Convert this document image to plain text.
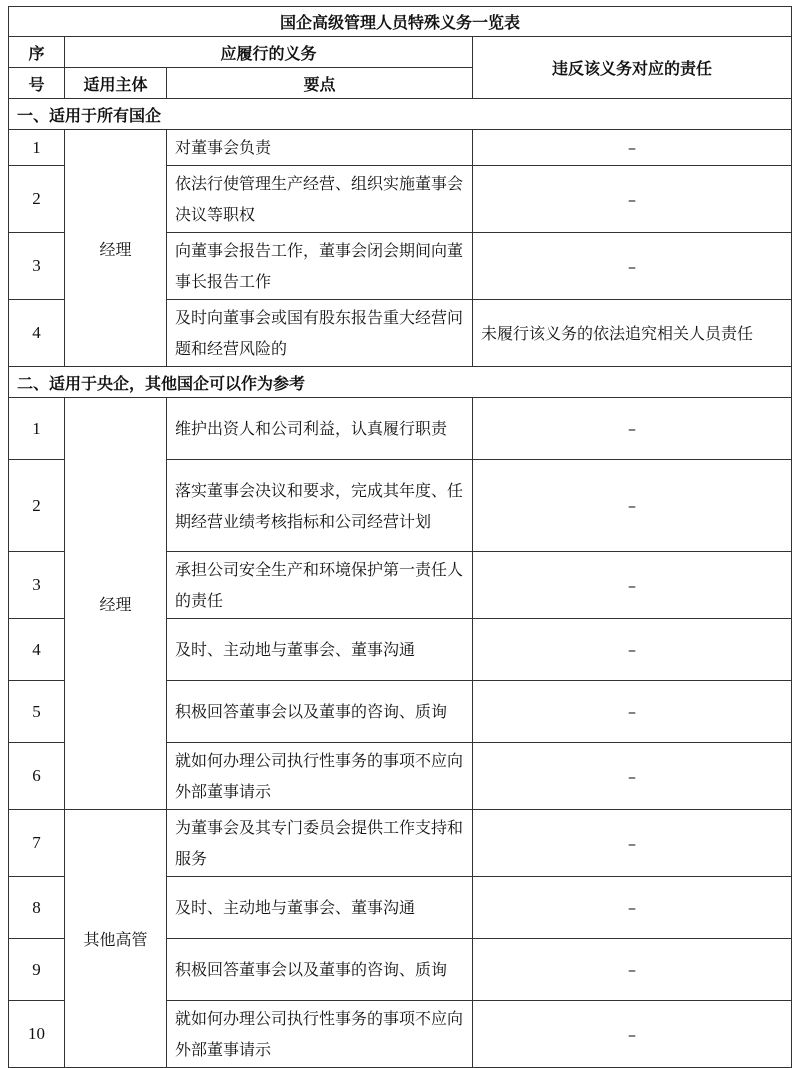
国企高级管理人员特殊义务一览表			
序	应履行的义务		违反该义务对应的责任
号	适用主体	要点	
一、适用于所有国企			
1	经理	对董事会负责	–
2		依法行使管理生产经营、组织实施董事会决议等职权	–
3		向董事会报告工作，董事会闭会期间向董事长报告工作	–
4		及时向董事会或国有股东报告重大经营问题和经营风险的	未履行该义务的依法追究相关人员责任
二、适用于央企，其他国企可以作为参考			
1	经理	维护出资人和公司利益，认真履行职责	–
2		落实董事会决议和要求，完成其年度、任期经营业绩考核指标和公司经营计划	–
3		承担公司安全生产和环境保护第一责任人的责任	–
4		及时、主动地与董事会、董事沟通	–
5		积极回答董事会以及董事的咨询、质询	–
6		就如何办理公司执行性事务的事项不应向外部董事请示	–
7	其他高管	为董事会及其专门委员会提供工作支持和服务	–
8		及时、主动地与董事会、董事沟通	–
9		积极回答董事会以及董事的咨询、质询	–
10		就如何办理公司执行性事务的事项不应向外部董事请示	–
